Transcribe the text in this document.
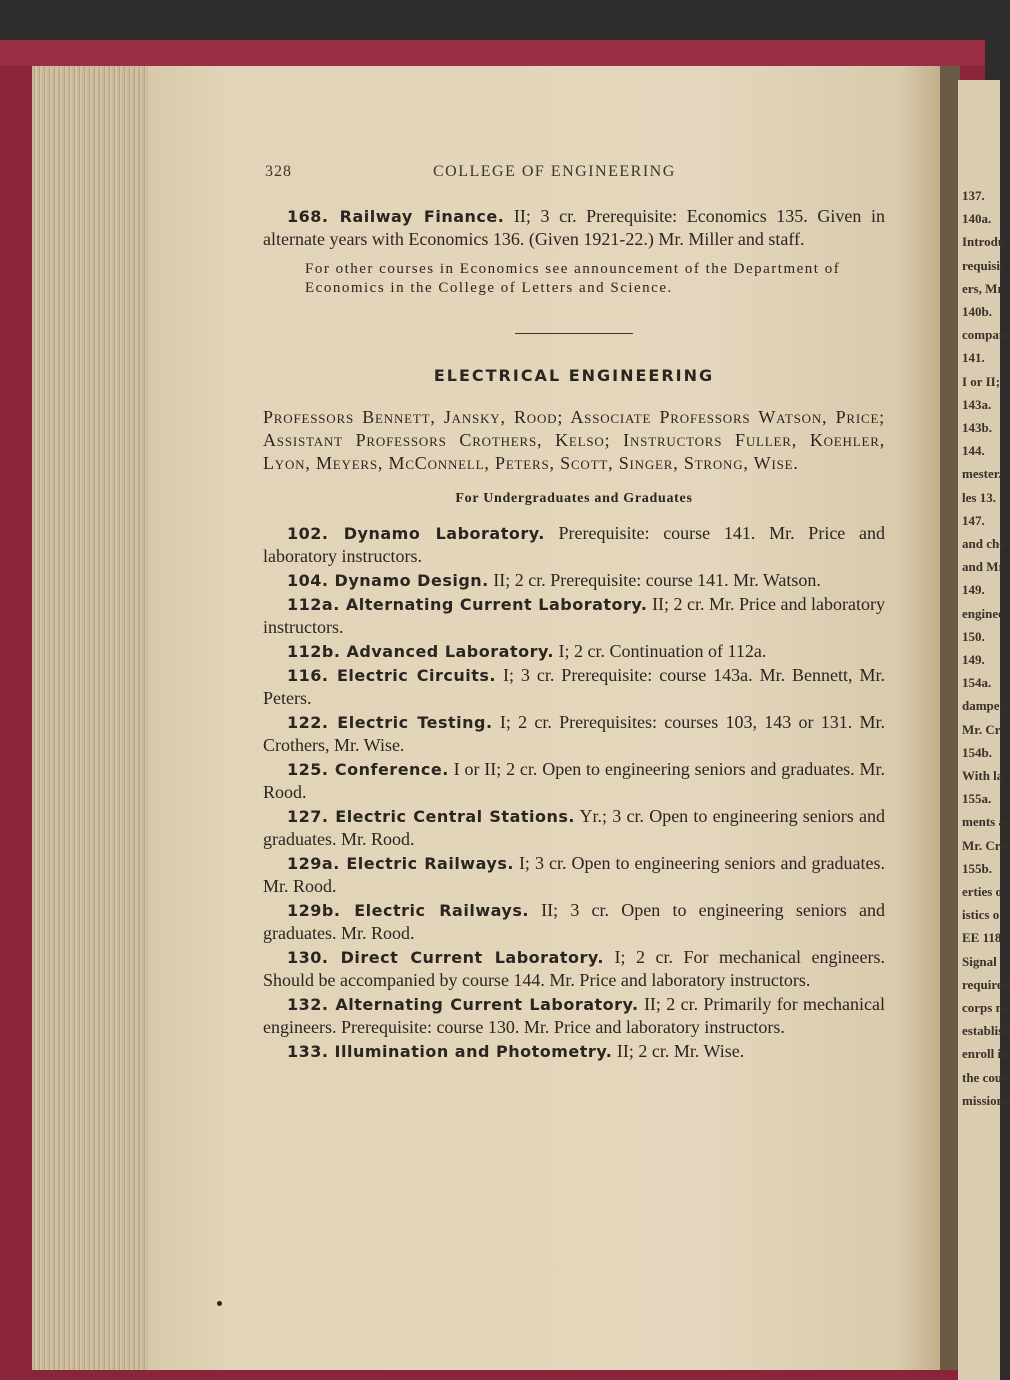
137.
140a.
Introdu
requisit
ers, Mr
140b.
compan
141.
I or II;
143a.
143b.
144.
mester.
les 13.
147.
and che
and Mr.
149.
enginee
150.
149.
154a.
damped
Mr. Cr
154b.
With la
155a.
ments a
Mr. Cro
155b.
erties o
istics o
EE 118.
Signal
required
corps m
establish
enroll in
the cour
missione
328	COLLEGE OF ENGINEERING

168. Railway Finance. II; 3 cr. Prerequisite: Economics 135. Given in alternate years with Economics 136. (Given 1921-22.) Mr. Miller and staff.

For other courses in Economics see announcement of the Department of Economics in the College of Letters and Science.

ELECTRICAL ENGINEERING

Professors Bennett, Jansky, Rood; Associate Professors Watson, Price; Assistant Professors Crothers, Kelso; Instructors Fuller, Koehler, Lyon, Meyers, McConnell, Peters, Scott, Singer, Strong, Wise.

For Undergraduates and Graduates

102. Dynamo Laboratory. Prerequisite: course 141. Mr. Price and laboratory instructors.

104. Dynamo Design. II; 2 cr. Prerequisite: course 141. Mr. Watson.

112a. Alternating Current Laboratory. II; 2 cr. Mr. Price and laboratory instructors.

112b. Advanced Laboratory. I; 2 cr. Continuation of 112a.

116. Electric Circuits. I; 3 cr. Prerequisite: course 143a. Mr. Bennett, Mr. Peters.

122. Electric Testing. I; 2 cr. Prerequisites: courses 103, 143 or 131. Mr. Crothers, Mr. Wise.

125. Conference. I or II; 2 cr. Open to engineering seniors and graduates. Mr. Rood.

127. Electric Central Stations. Yr.; 3 cr. Open to engineering seniors and graduates. Mr. Rood.

129a. Electric Railways. I; 3 cr. Open to engineering seniors and graduates. Mr. Rood.

129b. Electric Railways. II; 3 cr. Open to engineering seniors and graduates. Mr. Rood.

130. Direct Current Laboratory. I; 2 cr. For mechanical engineers. Should be accompanied by course 144. Mr. Price and laboratory instructors.

132. Alternating Current Laboratory. II; 2 cr. Primarily for mechanical engineers. Prerequisite: course 130. Mr. Price and laboratory instructors.

133. Illumination and Photometry. II; 2 cr. Mr. Wise.
